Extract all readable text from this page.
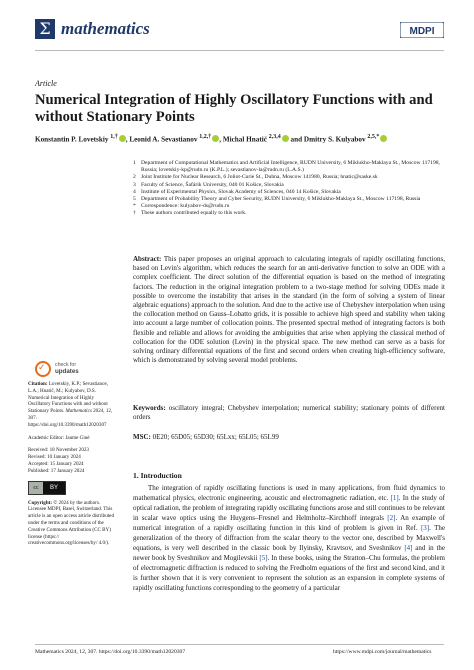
Σ mathematics	MDPI
Article
Numerical Integration of Highly Oscillatory Functions with and without Stationary Points
Konstantin P. Lovetskiy $^{1,\dagger}$ , Leonid A. Sevastianov $^{1,2,\dagger}$ , Michal Hnatič $^{2,3,4}$ and Dmitry S. Kulyabov $^{2,5,*}$
1 Department of Computational Mathematics and Artificial Intelligence, RUDN University, 6 Miklukho-Maklaya St., Moscow 117198, Russia; lovetskiy-kp@rudn.ru (K.P.L.); sevastianov-la@rudn.ru (L.A.S.)
2 Joint Institute for Nuclear Research, 6 Joliot-Curie St., Dubna, Moscow 141980, Russia; hnatic@saske.sk
3 Faculty of Science, Šafárik University, 040 01 Košice, Slovakia
4 Institute of Experimental Physics, Slovak Academy of Sciences, 040 14 Košice, Slovakia
5 Department of Probability Theory and Cyber Security, RUDN University, 6 Miklukho-Maklaya St., Moscow 117198, Russia
* Correspondence: kulyabov-ds@rudn.ru
† These authors contributed equally to this work.
Abstract: This paper proposes an original approach to calculating integrals of rapidly oscillating functions, based on Levin's algorithm, which reduces the search for an anti-derivative function to solve an ODE with a complex coefficient. The direct solution of the differential equation is based on the method of integrating factors. The reduction in the original integration problem to a two-stage method for solving ODEs made it possible to overcome the instability that arises in the standard (in the form of solving a system of linear algebraic equations) approach to the solution. And due to the active use of Chebyshev interpolation when using the collocation method on Gauss–Lobatto grids, it is possible to achieve high speed and stability when taking into account a large number of collocation points. The presented spectral method of integrating factors is both flexible and reliable and allows for avoiding the ambiguities that arise when applying the classical method of collocation for the ODE solution (Levin) in the physical space. The new method can serve as a basis for solving ordinary differential equations of the first and second orders when creating high-efficiency software, which is demonstrated by solving several model problems.
Keywords: oscillatory integral; Chebyshev interpolation; numerical stability; stationary points of different orders
MSC: 0E20; 65D05; 65D30; 65Lxx; 65L05; 65L99
✓ check for
updates
Citation: Lovetskiy, K.P.; Sevastianov, L.A.; Hnatič, M.; Kulyabov, D.S. Numerical Integration of Highly Oscillatory Functions with and without Stationary Points. Mathematics 2024, 12, 307. https://doi.org/10.3390/math12020307
Academic Editor: Jaume Giné
Received: 18 November 2023
Revised: 10 January 2024
Accepted: 15 January 2024
Published: 17 January 2024
cc	BY
Copyright: © 2024 by the authors. Licensee MDPI, Basel, Switzerland. This article is an open access article distributed under the terms and conditions of the Creative Commons Attribution (CC BY) license (https:// creativecommons.org/licenses/by/ 4.0/).
1. Introduction
The integration of rapidly oscillating functions is used in many applications, from fluid dynamics to mathematical physics, electronic engineering, acoustic and electromagnetic radiation, etc. [1]. In the study of optical radiation, the problem of integrating rapidly oscillating functions arose and still continues to be relevant in scalar wave optics using the Huygens–Fresnel and Helmholtz–Kirchhoff integrals [2]. An example of numerical integration of a rapidly oscillating function in this kind of problem is given in Ref. [3]. The generalization of the theory of diffraction from the scalar theory to the vector one, described by Maxwell's equations, is very well described in the classic book by Ilyinsky, Kravtsov, and Sveshnikov [4] and in the newer book by Sveshnikov and Mogilevskii [5]. In these books, using the Stratton–Chu formulas, the problem of electromagnetic diffraction is reduced to solving the Fredholm equations of the first and second kind, and it is further shown that it is very convenient to represent the solution as an expansion in complete systems of rapidly oscillating functions corresponding to the geometry of a particular
Mathematics 2024, 12, 307. https://doi.org/10.3390/math12020307	https://www.mdpi.com/journal/mathematics
